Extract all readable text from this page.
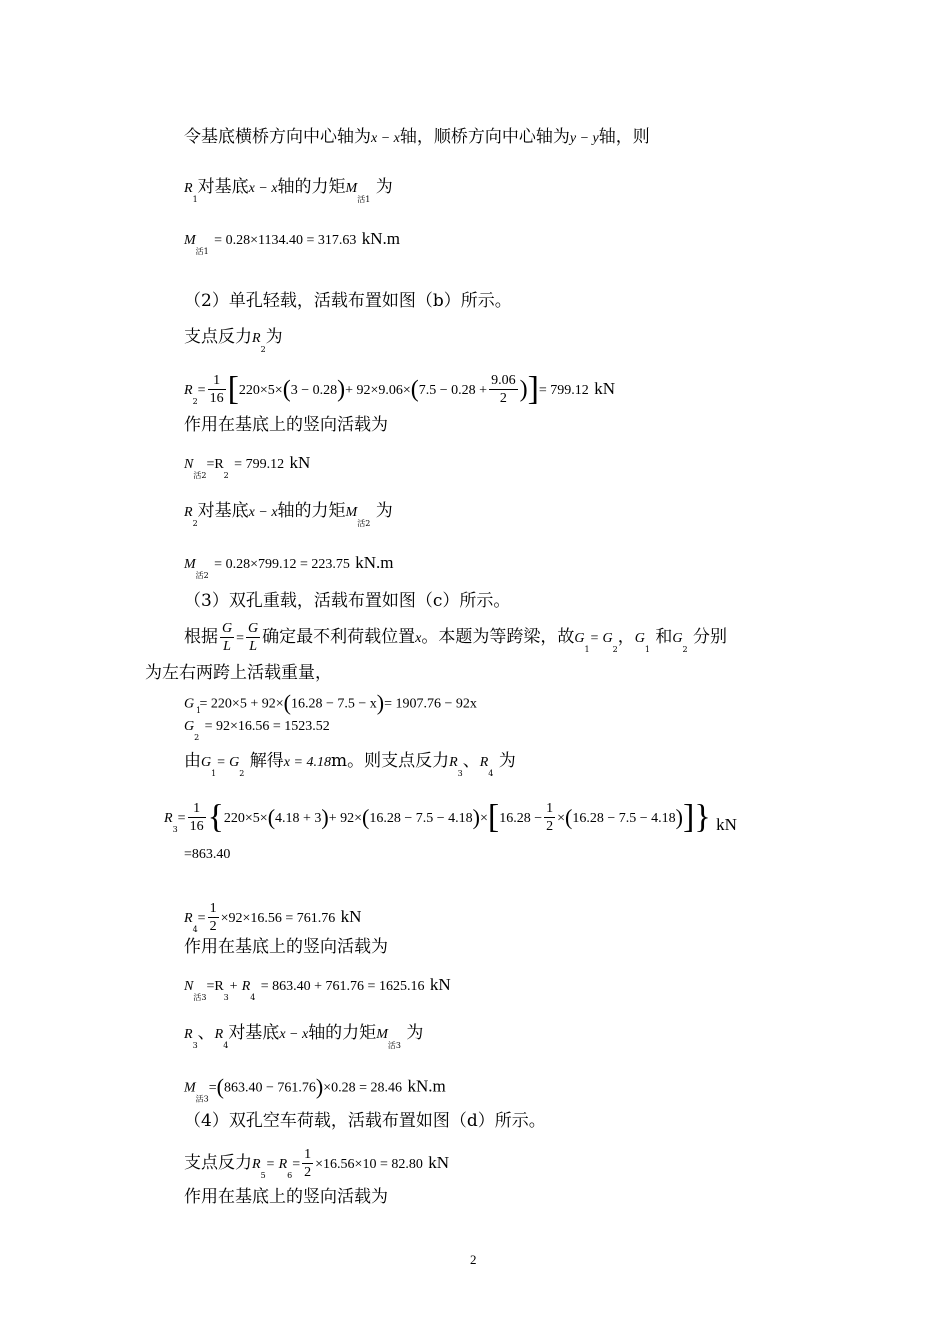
令基底横桥方向中心轴为x − x轴，顺桥方向中心轴为y − y轴，则
$R_1$对基底x − x轴的力矩$M_{活1}$ 为
$M_{活1} = 0.28\times 1134.40 = 317.63$ kN.m
（2）单孔轻载，活载布置如图（b）所示。
支点反力$R_2$为
$R_2= \frac{1}{16} [220\times 5\times(3 - 0.28)+ 92\times 9.06\times(7.5 - 0.28 + \frac{9.06}{2}$ )]= 799.12 kN
作用在基底上的竖向活载为
$N_{活2}=R_2 = 799.12$ kN
$R_2$对基底x − x轴的力矩$M_{活2}$ 为
$M_{活2} = 0.28\times 799.12 = 223.75$ kN.m
（3）双孔重载，活载布置如图（c）所示。
根据 $\frac{G}{L} = \frac{G}{L}$ 确定最不利荷载位置x。本题为等跨梁，故$G_1= G_2$，$G_1$ 和$G_2$ 分别
为左右两跨上活载重量，
G = 220×5 + 92×(16.28 − 7.5 − x)= 1907.76 − 92x
$G_2 = 92\times 16.56 = 1523.52$
1
由$G_1= G_2$ 解得x = 4.18m。则支点反力$R_3$、$R_4$ 为
$R_3= \frac{1}{16} \{220\times 5\times(4.18 + 3)+ 92\times(16.28 - 7.5 - 4.18)\times[16.28 - \frac{1}{2} \times(16.28 - 7.5 - 4.18)]\}$ kN
=863.40
$R_4= \frac{1}{2} \times 92\times 16.56 = 761.76$ kN
作用在基底上的竖向活载为
$N_{活3}=R_3+ R_4 = 863.40 + 761.76 = 1625.16$ kN
$R_3$、$R_4$对基底x − x轴的力矩$M_{活3}$ 为
$M_{活3}=(863.40 - 761.76)\times 0.28 = 28.46$ kN.m
（4）双孔空车荷载，活载布置如图（d）所示。
支点反力$R_5= R_6= \frac{1}{2} \times 16.56\times 10 = 82.80$ kN
作用在基底上的竖向活载为
2
